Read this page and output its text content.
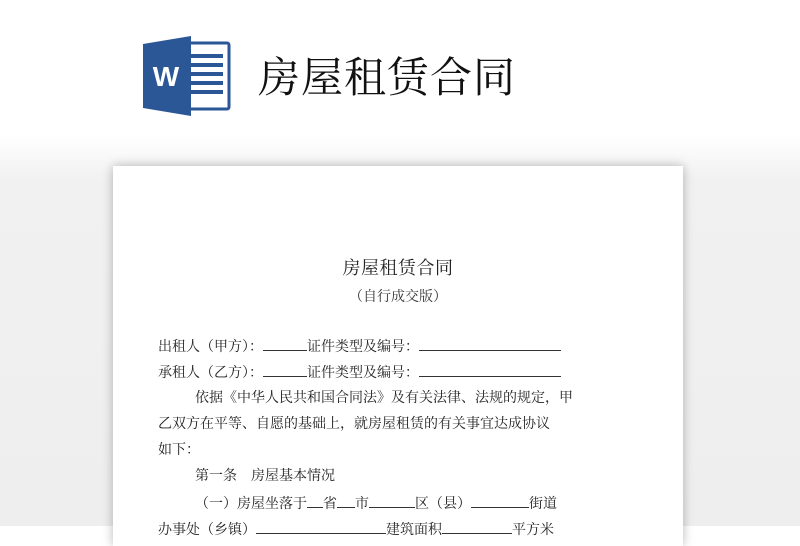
W 房屋租赁合同
房屋租赁合同
（自行成交版）
出租人（甲方）：	证件类型及编号：
承租人（乙方）：	证件类型及编号：
依据《中华人民共和国合同法》及有关法律、法规的规定，甲
乙双方在平等、自愿的基础上，就房屋租赁的有关事宜达成协议
如下：
第一条　房屋基本情况
（一）房屋坐落于 省 市	区（县）	街道
办事处（乡镇）	建筑面积	平方米
